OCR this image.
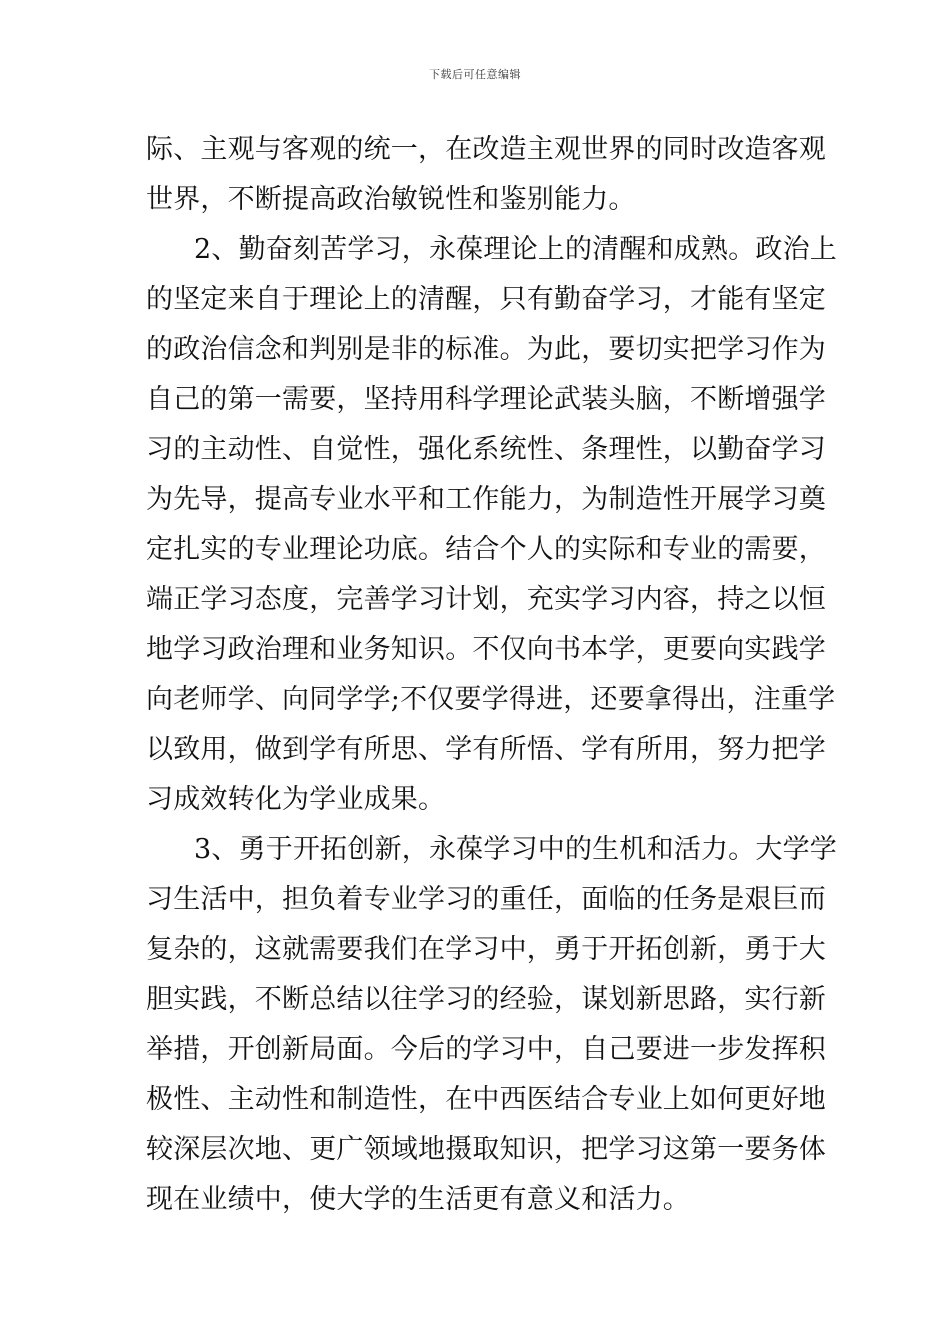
下载后可任意编辑
际、主观与客观的统一，在改造主观世界的同时改造客观
世界，不断提高政治敏锐性和鉴别能力。
2、勤奋刻苦学习，永葆理论上的清醒和成熟。政治上
的坚定来自于理论上的清醒，只有勤奋学习，才能有坚定
的政治信念和判别是非的标准。为此，要切实把学习作为
自己的第一需要，坚持用科学理论武装头脑，不断增强学
习的主动性、自觉性，强化系统性、条理性，以勤奋学习
为先导，提高专业水平和工作能力，为制造性开展学习奠
定扎实的专业理论功底。结合个人的实际和专业的需要，
端正学习态度，完善学习计划，充实学习内容，持之以恒
地学习政治理和业务知识。不仅向书本学，更要向实践学
向老师学、向同学学;不仅要学得进，还要拿得出，注重学
以致用，做到学有所思、学有所悟、学有所用，努力把学
习成效转化为学业成果。
3、勇于开拓创新，永葆学习中的生机和活力。大学学
习生活中，担负着专业学习的重任，面临的任务是艰巨而
复杂的，这就需要我们在学习中，勇于开拓创新，勇于大
胆实践，不断总结以往学习的经验，谋划新思路，实行新
举措，开创新局面。今后的学习中，自己要进一步发挥积
极性、主动性和制造性，在中西医结合专业上如何更好地
较深层次地、更广领域地摄取知识，把学习这第一要务体
现在业绩中，使大学的生活更有意义和活力。
